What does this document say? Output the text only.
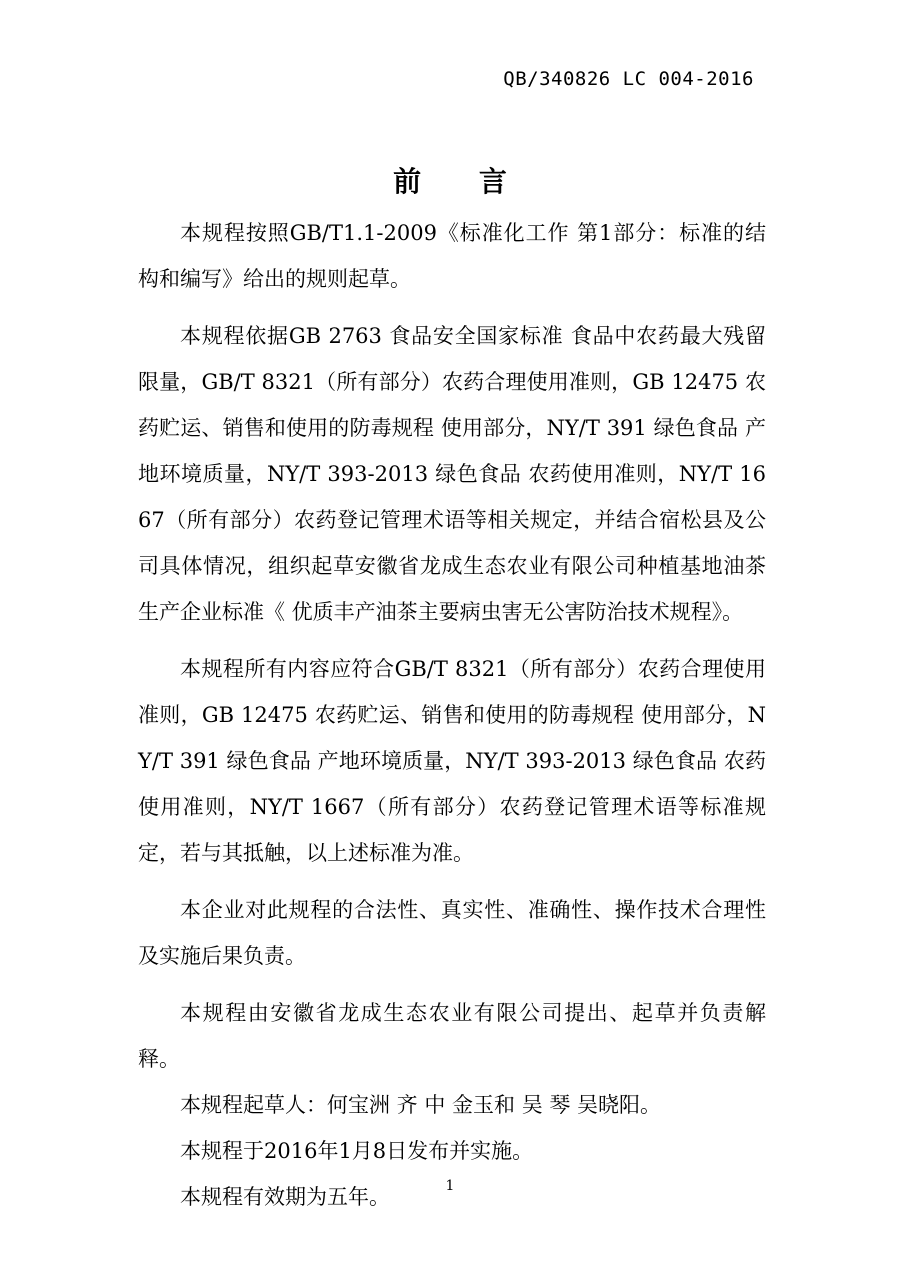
QB/340826 LC 004-2016
前 言

本规程按照GB/T1.1-2009《标准化工作 第1部分：标准的结构和编写》给出的规则起草。

本规程依据GB 2763 食品安全国家标准 食品中农药最大残留限量，GB/T 8321（所有部分）农药合理使用准则，GB 12475 农药贮运、销售和使用的防毒规程 使用部分，NY/T 391 绿色食品 产地环境质量，NY/T 393-2013 绿色食品 农药使用准则，NY/T 1667（所有部分）农药登记管理术语等相关规定，并结合宿松县及公司具体情况，组织起草安徽省龙成生态农业有限公司种植基地油茶生产企业标准《 优质丰产油茶主要病虫害无公害防治技术规程》。

本规程所有内容应符合GB/T 8321（所有部分）农药合理使用准则，GB 12475 农药贮运、销售和使用的防毒规程 使用部分，NY/T 391 绿色食品 产地环境质量，NY/T 393-2013 绿色食品 农药使用准则，NY/T 1667（所有部分）农药登记管理术语等标准规定，若与其抵触，以上述标准为准。

本企业对此规程的合法性、真实性、准确性、操作技术合理性及实施后果负责。

本规程由安徽省龙成生态农业有限公司提出、起草并负责解释。

本规程起草人：何宝洲 齐 中 金玉和 吴 琴 吴晓阳。

本规程于2016年1月8日发布并实施。

本规程有效期为五年。	1
